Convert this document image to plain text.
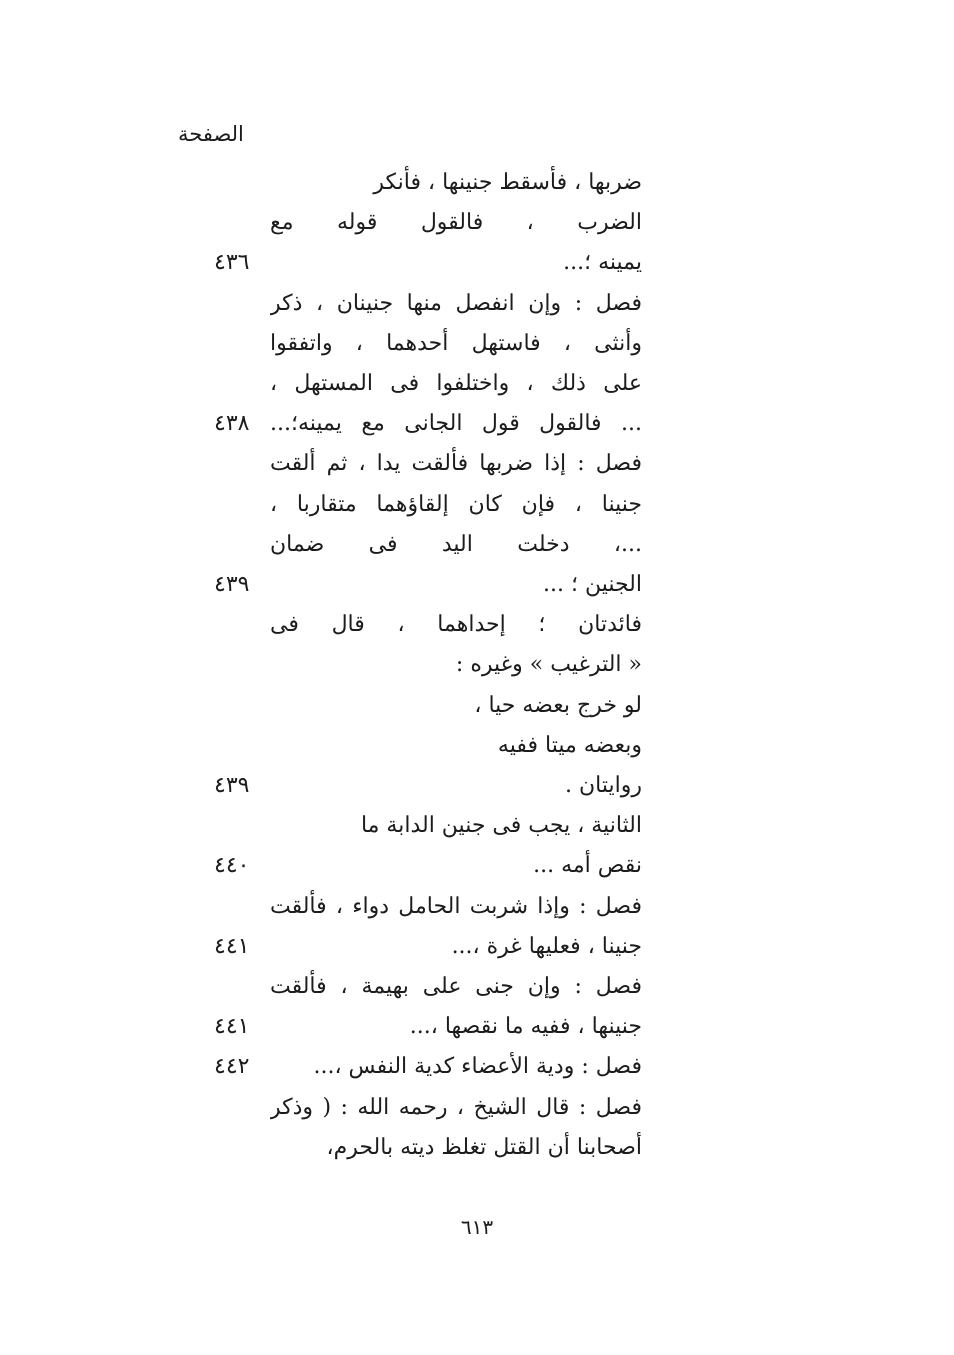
الصفحة
ضربها ، فأسقط جنينها ، فأنكر
الضرب ، فالقول قوله مع
يمينه ؛...
٤٣٦
فصل : وإن انفصل منها جنينان ، ذكر
وأنثى ، فاستهل أحدهما ، واتفقوا
على ذلك ، واختلفوا فى المستهل ،
... فالقول قول الجانى مع يمينه؛...
٤٣٨
فصل : إذا ضربها فألقت يدا ، ثم ألقت
جنينا ، فإن كان إلقاؤهما متقاربا ،
...، دخلت اليد فى ضمان
الجنين ؛ ...
٤٣٩
فائدتان ؛ إحداهما ، قال فى
« الترغيب » وغيره :
لو خرج بعضه حيا ،
وبعضه ميتا ففيه
روايتان .
٤٣٩
الثانية ، يجب فى جنين الدابة ما
نقص أمه ...
٤٤٠
فصل : وإذا شربت الحامل دواء ، فألقت
جنينا ، فعليها غرة ،...
٤٤١
فصل : وإن جنى على بهيمة ، فألقت
جنينها ، ففيه ما نقصها ،...
٤٤١
فصل : ودية الأعضاء كدية النفس ،...
٤٤٢
فصل : قال الشيخ ، رحمه الله : ( وذكر
أصحابنا أن القتل تغلظ ديته بالحرم،
٦١٣
